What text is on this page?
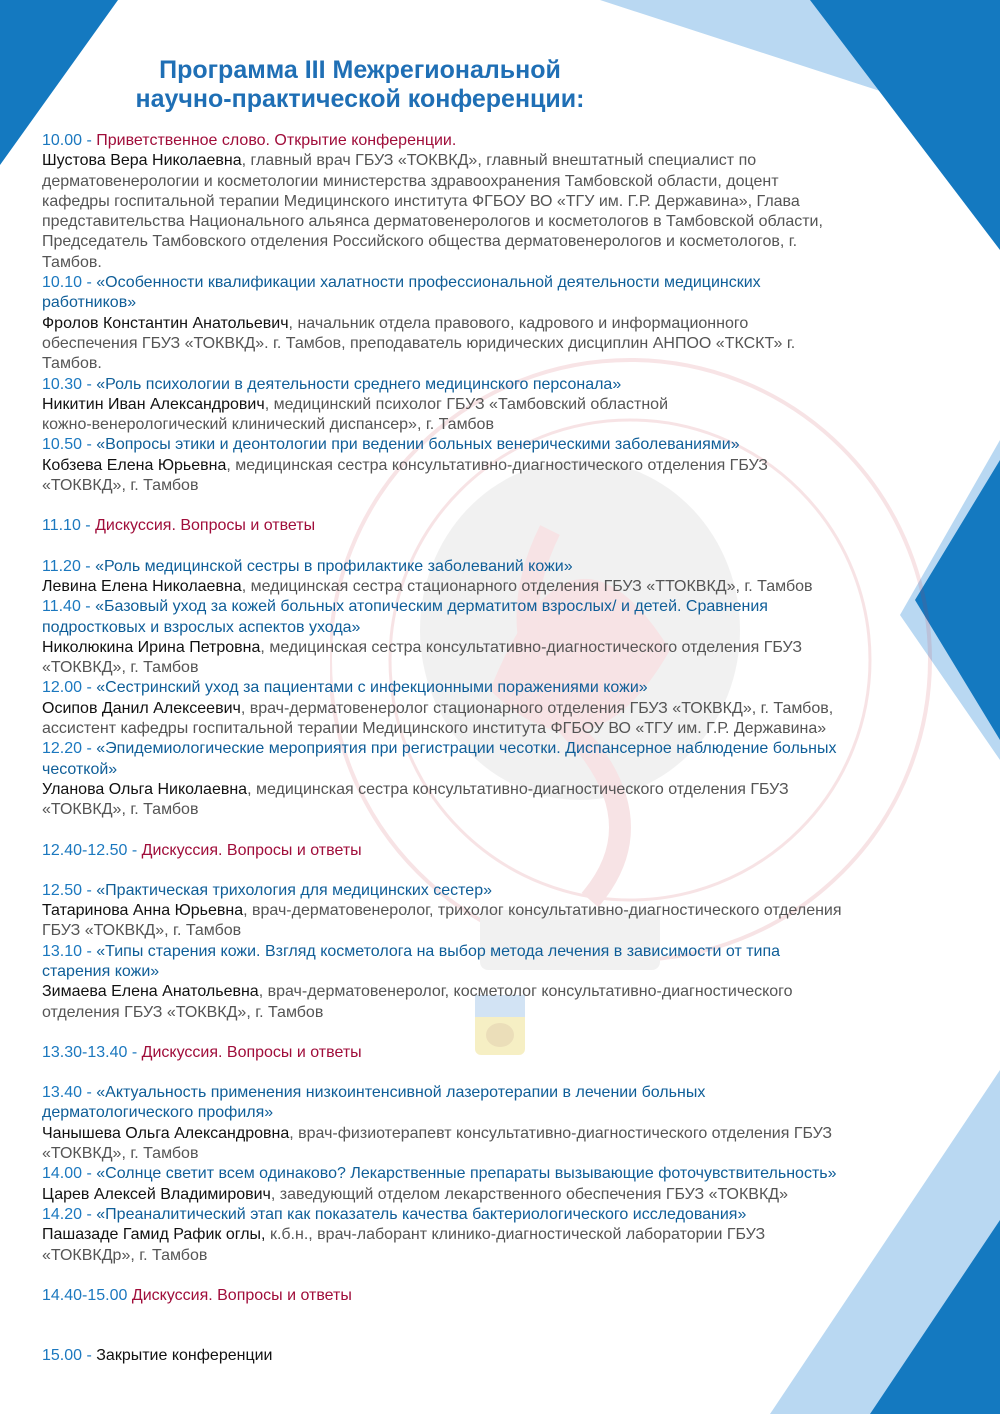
Программа III Межрегиональной
научно-практической конференции:
10.00 - Приветственное слово. Открытие конференции.
Шустова Вера Николаевна, главный врач ГБУЗ «ТОКВКД», главный внештатный специалист по
дерматовенерологии и косметологии министерства здравоохранения Тамбовской области, доцент
кафедры госпитальной терапии Медицинского института ФГБОУ ВО «ТГУ им. Г.Р. Державина», Глава
представительства Национального альянса дерматовенерологов и косметологов в Тамбовской области,
Председатель Тамбовского отделения Российского общества дерматовенерологов и косметологов, г.
Тамбов.
10.10 - «Особенности квалификации халатности профессиональной деятельности медицинских
работников»
Фролов Константин Анатольевич, начальник отдела правового, кадрового и информационного
обеспечения ГБУЗ «ТОКВКД». г. Тамбов, преподаватель юридических дисциплин АНПОО «ТКСКТ» г.
Тамбов.
10.30 - «Роль психологии в деятельности среднего медицинского персонала»
Никитин Иван Александрович, медицинский психолог ГБУЗ «Тамбовский областной
кожно-венерологический клинический диспансер», г. Тамбов
10.50 - «Вопросы этики и деонтологии при ведении больных венерическими заболеваниями»
Кобзева Елена Юрьевна, медицинская сестра консультативно-диагностического отделения ГБУЗ
«ТОКВКД», г. Тамбов
11.10 - Дискуссия. Вопросы и ответы
11.20 - «Роль медицинской сестры в профилактике заболеваний кожи»
Левина Елена Николаевна, медицинская сестра стационарного отделения ГБУЗ «ТТОКВКД», г. Тамбов
11.40 - «Базовый уход за кожей больных атопическим дерматитом взрослых/ и детей. Сравнения
подростковых и взрослых аспектов ухода»
Николюкина Ирина Петровна, медицинская сестра консультативно-диагностического отделения ГБУЗ
«ТОКВКД», г. Тамбов
12.00 - «Сестринский уход за пациентами с инфекционными поражениями кожи»
Осипов Данил Алексеевич, врач-дерматовенеролог стационарного отделения ГБУЗ «ТОКВКД», г. Тамбов,
ассистент кафедры госпитальной терапии Медицинского института ФГБОУ ВО «ТГУ им. Г.Р. Державина»
12.20 - «Эпидемиологические мероприятия при регистрации чесотки. Диспансерное наблюдение больных
чесоткой»
Уланова Ольга Николаевна, медицинская сестра консультативно-диагностического отделения ГБУЗ
«ТОКВКД», г. Тамбов
12.40-12.50 - Дискуссия. Вопросы и ответы
12.50 - «Практическая трихология для медицинских сестер»
Татаринова Анна Юрьевна, врач-дерматовенеролог, трихолог консультативно-диагностического отделения
ГБУЗ «ТОКВКД», г. Тамбов
13.10 - «Типы старения кожи. Взгляд косметолога на выбор метода лечения в зависимости от типа
старения кожи»
Зимаева Елена Анатольевна, врач-дерматовенеролог, косметолог консультативно-диагностического
отделения ГБУЗ «ТОКВКД», г. Тамбов
13.30-13.40 - Дискуссия. Вопросы и ответы
13.40 - «Актуальность применения низкоинтенсивной лазеротерапии в лечении больных
дерматологического профиля»
Чанышева Ольга Александровна, врач-физиотерапевт консультативно-диагностического отделения ГБУЗ
«ТОКВКД», г. Тамбов
14.00 - «Солнце светит всем одинаково? Лекарственные препараты вызывающие фоточувствительность»
Царев Алексей Владимирович, заведующий отделом лекарственного обеспечения ГБУЗ «ТОКВКД»
14.20 - «Преаналитический этап как показатель качества бактериологического исследования»
Пашазаде Гамид Рафик оглы, к.б.н., врач-лаборант клинико-диагностической лаборатории ГБУЗ
«ТОКВКДр», г. Тамбов
14.40-15.00 Дискуссия. Вопросы и ответы
15.00 - Закрытие конференции
